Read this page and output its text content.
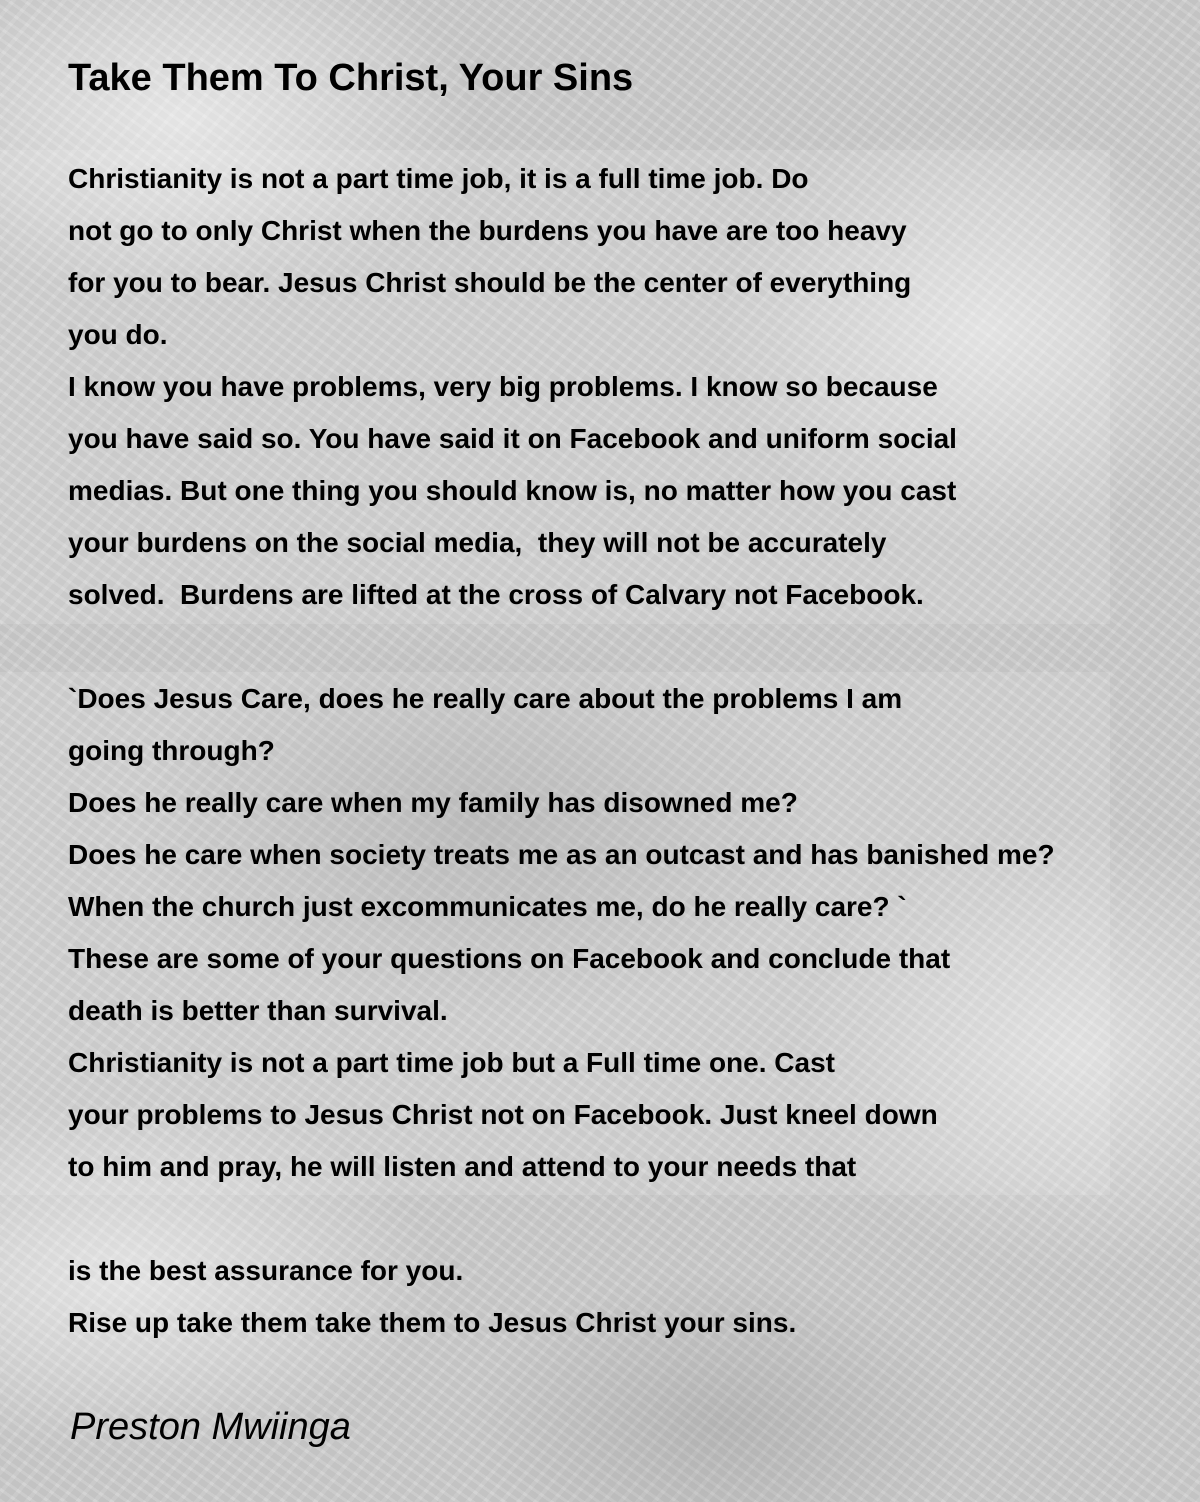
Take Them To Christ, Your Sins
Christianity is not a part time job, it is a full time job. Do
not go to only Christ when the burdens you have are too heavy
for you to bear. Jesus Christ should be the center of everything
you do.
I know you have problems, very big problems. I know so because
you have said so. You have said it on Facebook and uniform social
medias. But one thing you should know is, no matter how you cast
your burdens on the social media,  they will not be accurately
solved.  Burdens are lifted at the cross of Calvary not Facebook.
`Does Jesus Care, does he really care about the problems I am
going through?
Does he really care when my family has disowned me?
Does he care when society treats me as an outcast and has banished me?
When the church just excommunicates me, do he really care? `
These are some of your questions on Facebook and conclude that
death is better than survival.
Christianity is not a part time job but a Full time one. Cast
your problems to Jesus Christ not on Facebook. Just kneel down
to him and pray, he will listen and attend to your needs that
is the best assurance for you.
Rise up take them take them to Jesus Christ your sins.
Preston Mwiinga
